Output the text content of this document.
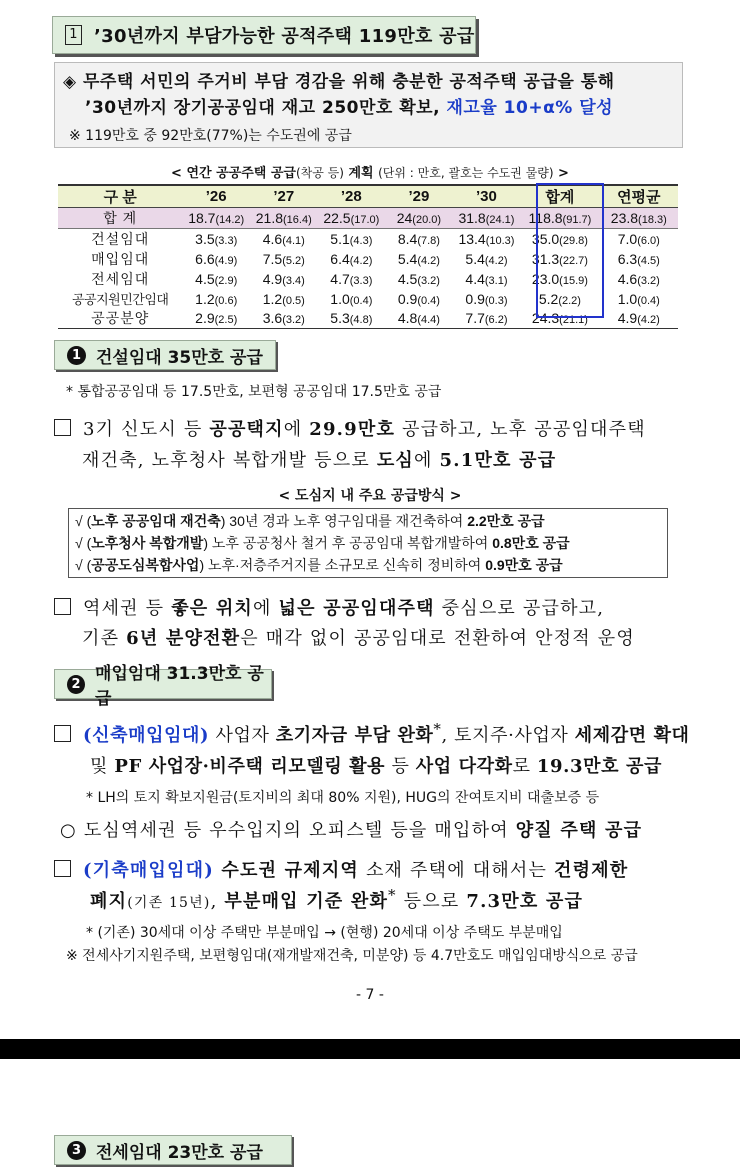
1 ’30년까지 부담가능한 공적주택 119만호 공급
◈ 무주택 서민의 주거비 부담 경감을 위해 충분한 공적주택 공급을 통해
’30년까지 장기공공임대 재고 250만호 확보, 재고율 10+α% 달성
※ 119만호 중 92만호(77%)는 수도권에 공급
< 연간 공공주택 공급(착공 등) 계획 (단위 : 만호, 괄호는 수도권 물량) >
구 분	’26	’27	’28	’29	’30	합계	연평균
합 계	18.7(14.2)	21.8(16.4)	22.5(17.0)	24(20.0)	31.8(24.1)	118.8(91.7)	23.8(18.3)
건설임대	3.5(3.3)	4.6(4.1)	5.1(4.3)	8.4(7.8)	13.4(10.3)	35.0(29.8)	7.0(6.0)
매입임대	6.6(4.9)	7.5(5.2)	6.4(4.2)	5.4(4.2)	5.4(4.2)	31.3(22.7)	6.3(4.5)
전세임대	4.5(2.9)	4.9(3.4)	4.7(3.3)	4.5(3.2)	4.4(3.1)	23.0(15.9)	4.6(3.2)
공공지원민간임대	1.2(0.6)	1.2(0.5)	1.0(0.4)	0.9(0.4)	0.9(0.3)	5.2(2.2)	1.0(0.4)
공공분양	2.9(2.5)	3.6(3.2)	5.3(4.8)	4.8(4.4)	7.7(6.2)	24.3(21.1)	4.9(4.2)
1 건설임대 35만호 공급
* 통합공공임대 등 17.5만호, 보편형 공공임대 17.5만호 공급
3기 신도시 등 공공택지에 29.9만호 공급하고, 노후 공공임대주택
재건축, 노후청사 복합개발 등으로 도심에 5.1만호 공급
< 도심지 내 주요 공급방식 >
√ (노후 공공임대 재건축) 30년 경과 노후 영구임대를 재건축하여 2.2만호 공급
√ (노후청사 복합개발) 노후 공공청사 철거 후 공공임대 복합개발하여 0.8만호 공급
√ (공공도심복합사업) 노후·저층주거지를 소규모로 신속히 정비하여 0.9만호 공급
역세권 등 좋은 위치에 넓은 공공임대주택 중심으로 공급하고,
기존 6년 분양전환은 매각 없이 공공임대로 전환하여 안정적 운영
2 매입임대 31.3만호 공급
(신축매입임대) 사업자 초기자금 부담 완화*, 토지주·사업자 세제감면 확대
및 PF 사업장·비주택 리모델링 활용 등 사업 다각화로 19.3만호 공급
* LH의 토지 확보지원금(토지비의 최대 80% 지원), HUG의 잔여토지비 대출보증 등
○ 도심역세권 등 우수입지의 오피스텔 등을 매입하여 양질 주택 공급
(기축매입임대) 수도권 규제지역 소재 주택에 대해서는 건령제한
폐지(기존 15년), 부분매입 기준 완화* 등으로 7.3만호 공급
* (기존) 30세대 이상 주택만 부분매입 → (현행) 20세대 이상 주택도 부분매입
※ 전세사기지원주택, 보편형임대(재개발재건축, 미분양) 등 4.7만호도 매입임대방식으로 공급
- 7 -
3 전세임대 23만호 공급
